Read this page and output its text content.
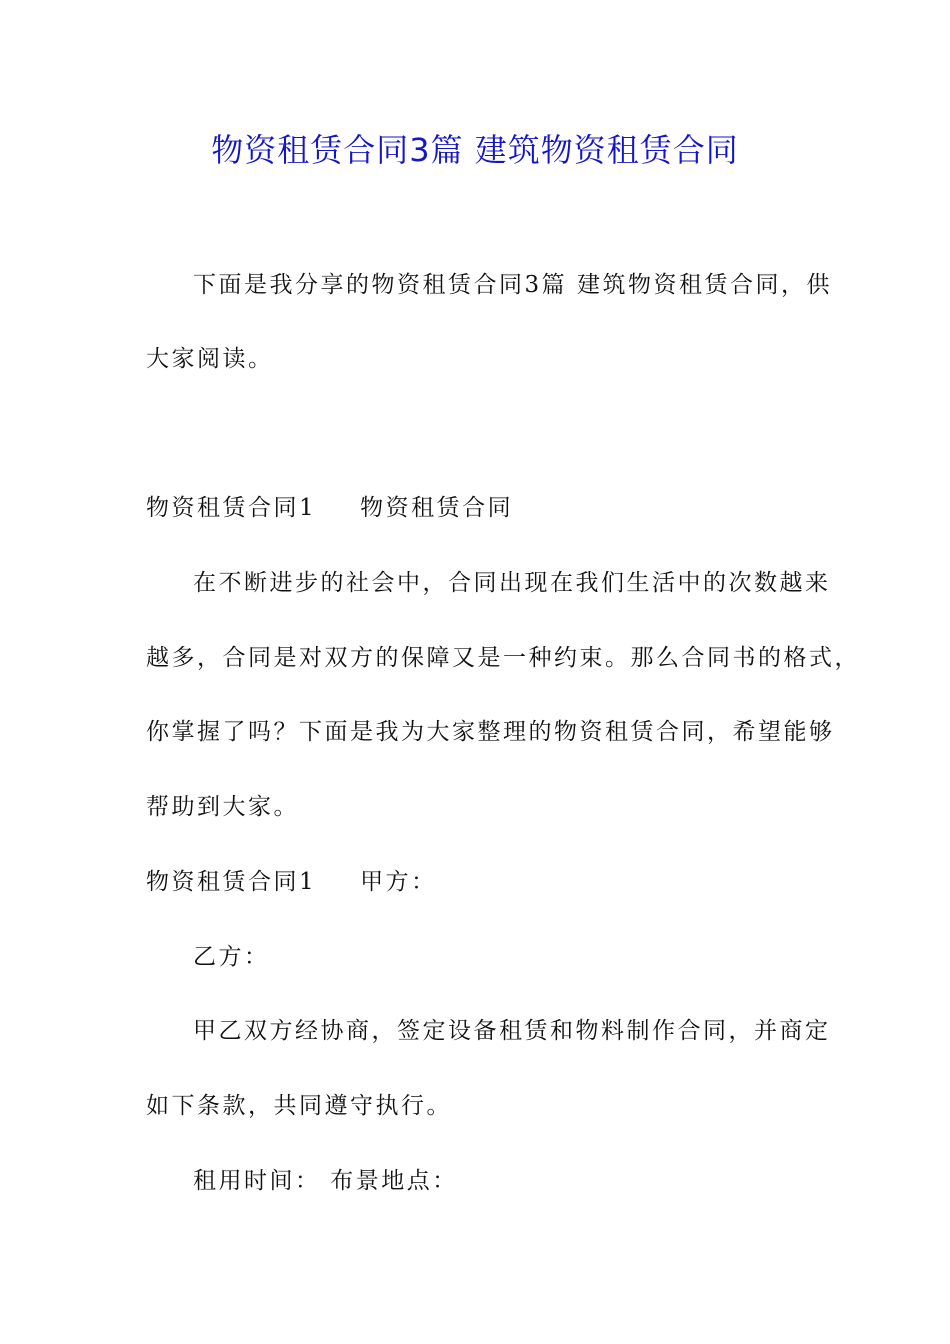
物资租赁合同3篇 建筑物资租赁合同
下面是我分享的物资租赁合同3篇 建筑物资租赁合同，供
大家阅读。
物资租赁合同1 物资租赁合同
在不断进步的社会中，合同出现在我们生活中的次数越来
越多，合同是对双方的保障又是一种约束。那么合同书的格式，
你掌握了吗？下面是我为大家整理的物资租赁合同，希望能够
帮助到大家。
物资租赁合同1 甲方：
乙方：
甲乙双方经协商，签定设备租赁和物料制作合同，并商定
如下条款，共同遵守执行。
租用时间： 布景地点：
